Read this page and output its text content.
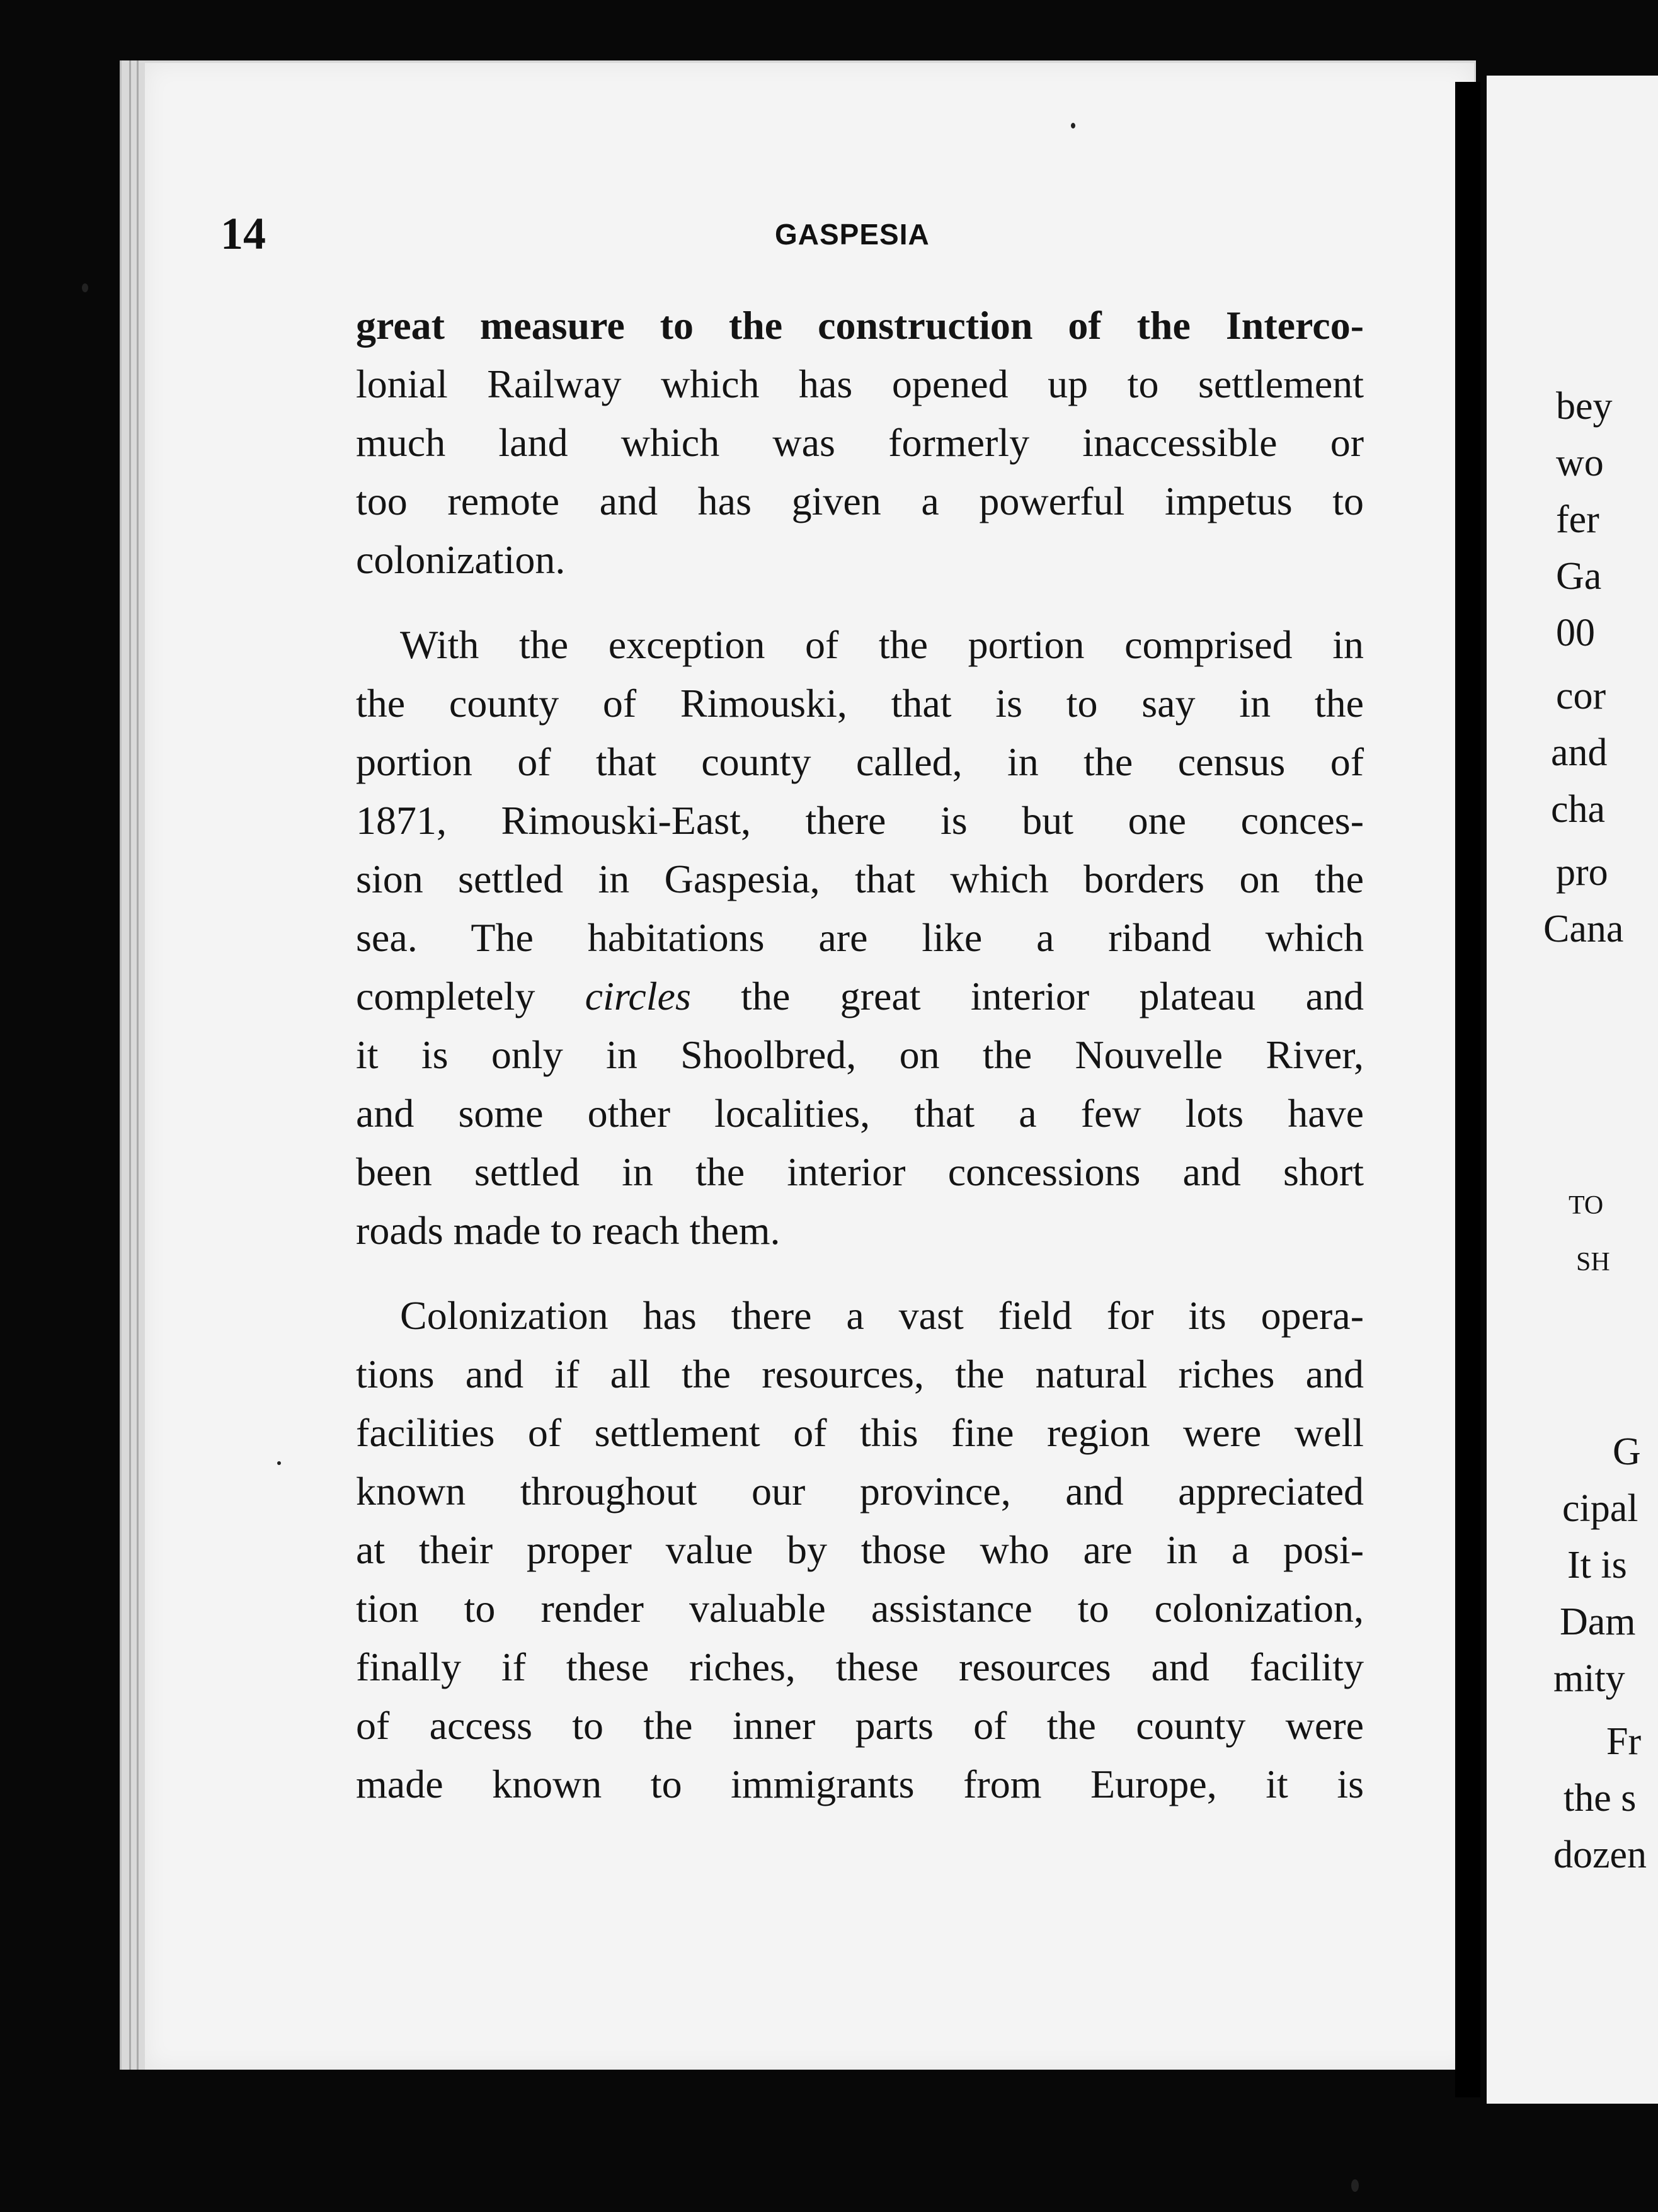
14	GASPESIA
great measure to the construction of the Interco-
lonial Railway which has opened up to settlement
much land which was formerly inaccessible or
too remote and has given a powerful impetus to
colonization.
With the exception of the portion comprised in
the county of Rimouski, that is to say in the
portion of that county called, in the census of
1871, Rimouski-East, there is but one conces-
sion settled in Gaspesia, that which borders on the
sea. The habitations are like a riband which
completely circles the great interior plateau and
it is only in Shoolbred, on the Nouvelle River,
and some other localities, that a few lots have
been settled in the interior concessions and short
roads made to reach them.
Colonization has there a vast field for its opera-
tions and if all the resources, the natural riches and
facilities of settlement of this fine region were well
known throughout our province, and appreciated
at their proper value by those who are in a posi-
tion to render valuable assistance to colonization,
finally if these riches, these resources and facility
of access to the inner parts of the county were
made known to immigrants from Europe, it is
bey
wo
fer
Ga
00
cor
and
cha
pro
Cana
TO
SH
G
cipal
It is
Dam
mity
Fr
the s
dozen
